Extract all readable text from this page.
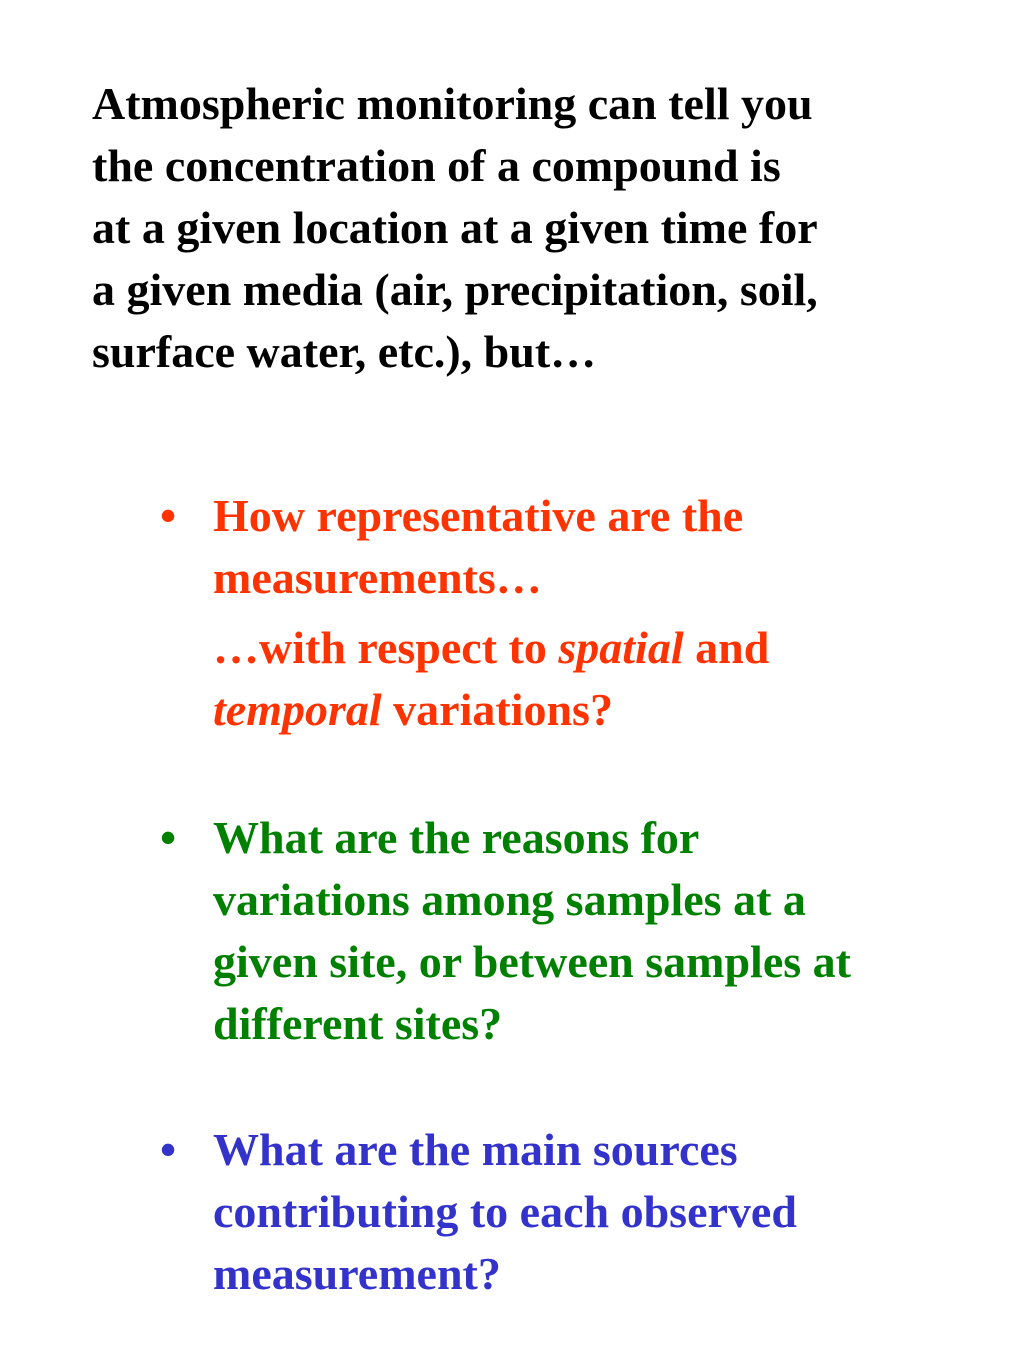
Atmospheric monitoring can tell you
the concentration of a compound is
at a given location at a given time for
a given media (air, precipitation, soil,
surface water, etc.), but…

• How representative are the
measurements…
…with respect to spatial and
temporal variations?
• What are the reasons for
variations among samples at a
given site, or between samples at
different sites?
• What are the main sources
contributing to each observed
measurement?
